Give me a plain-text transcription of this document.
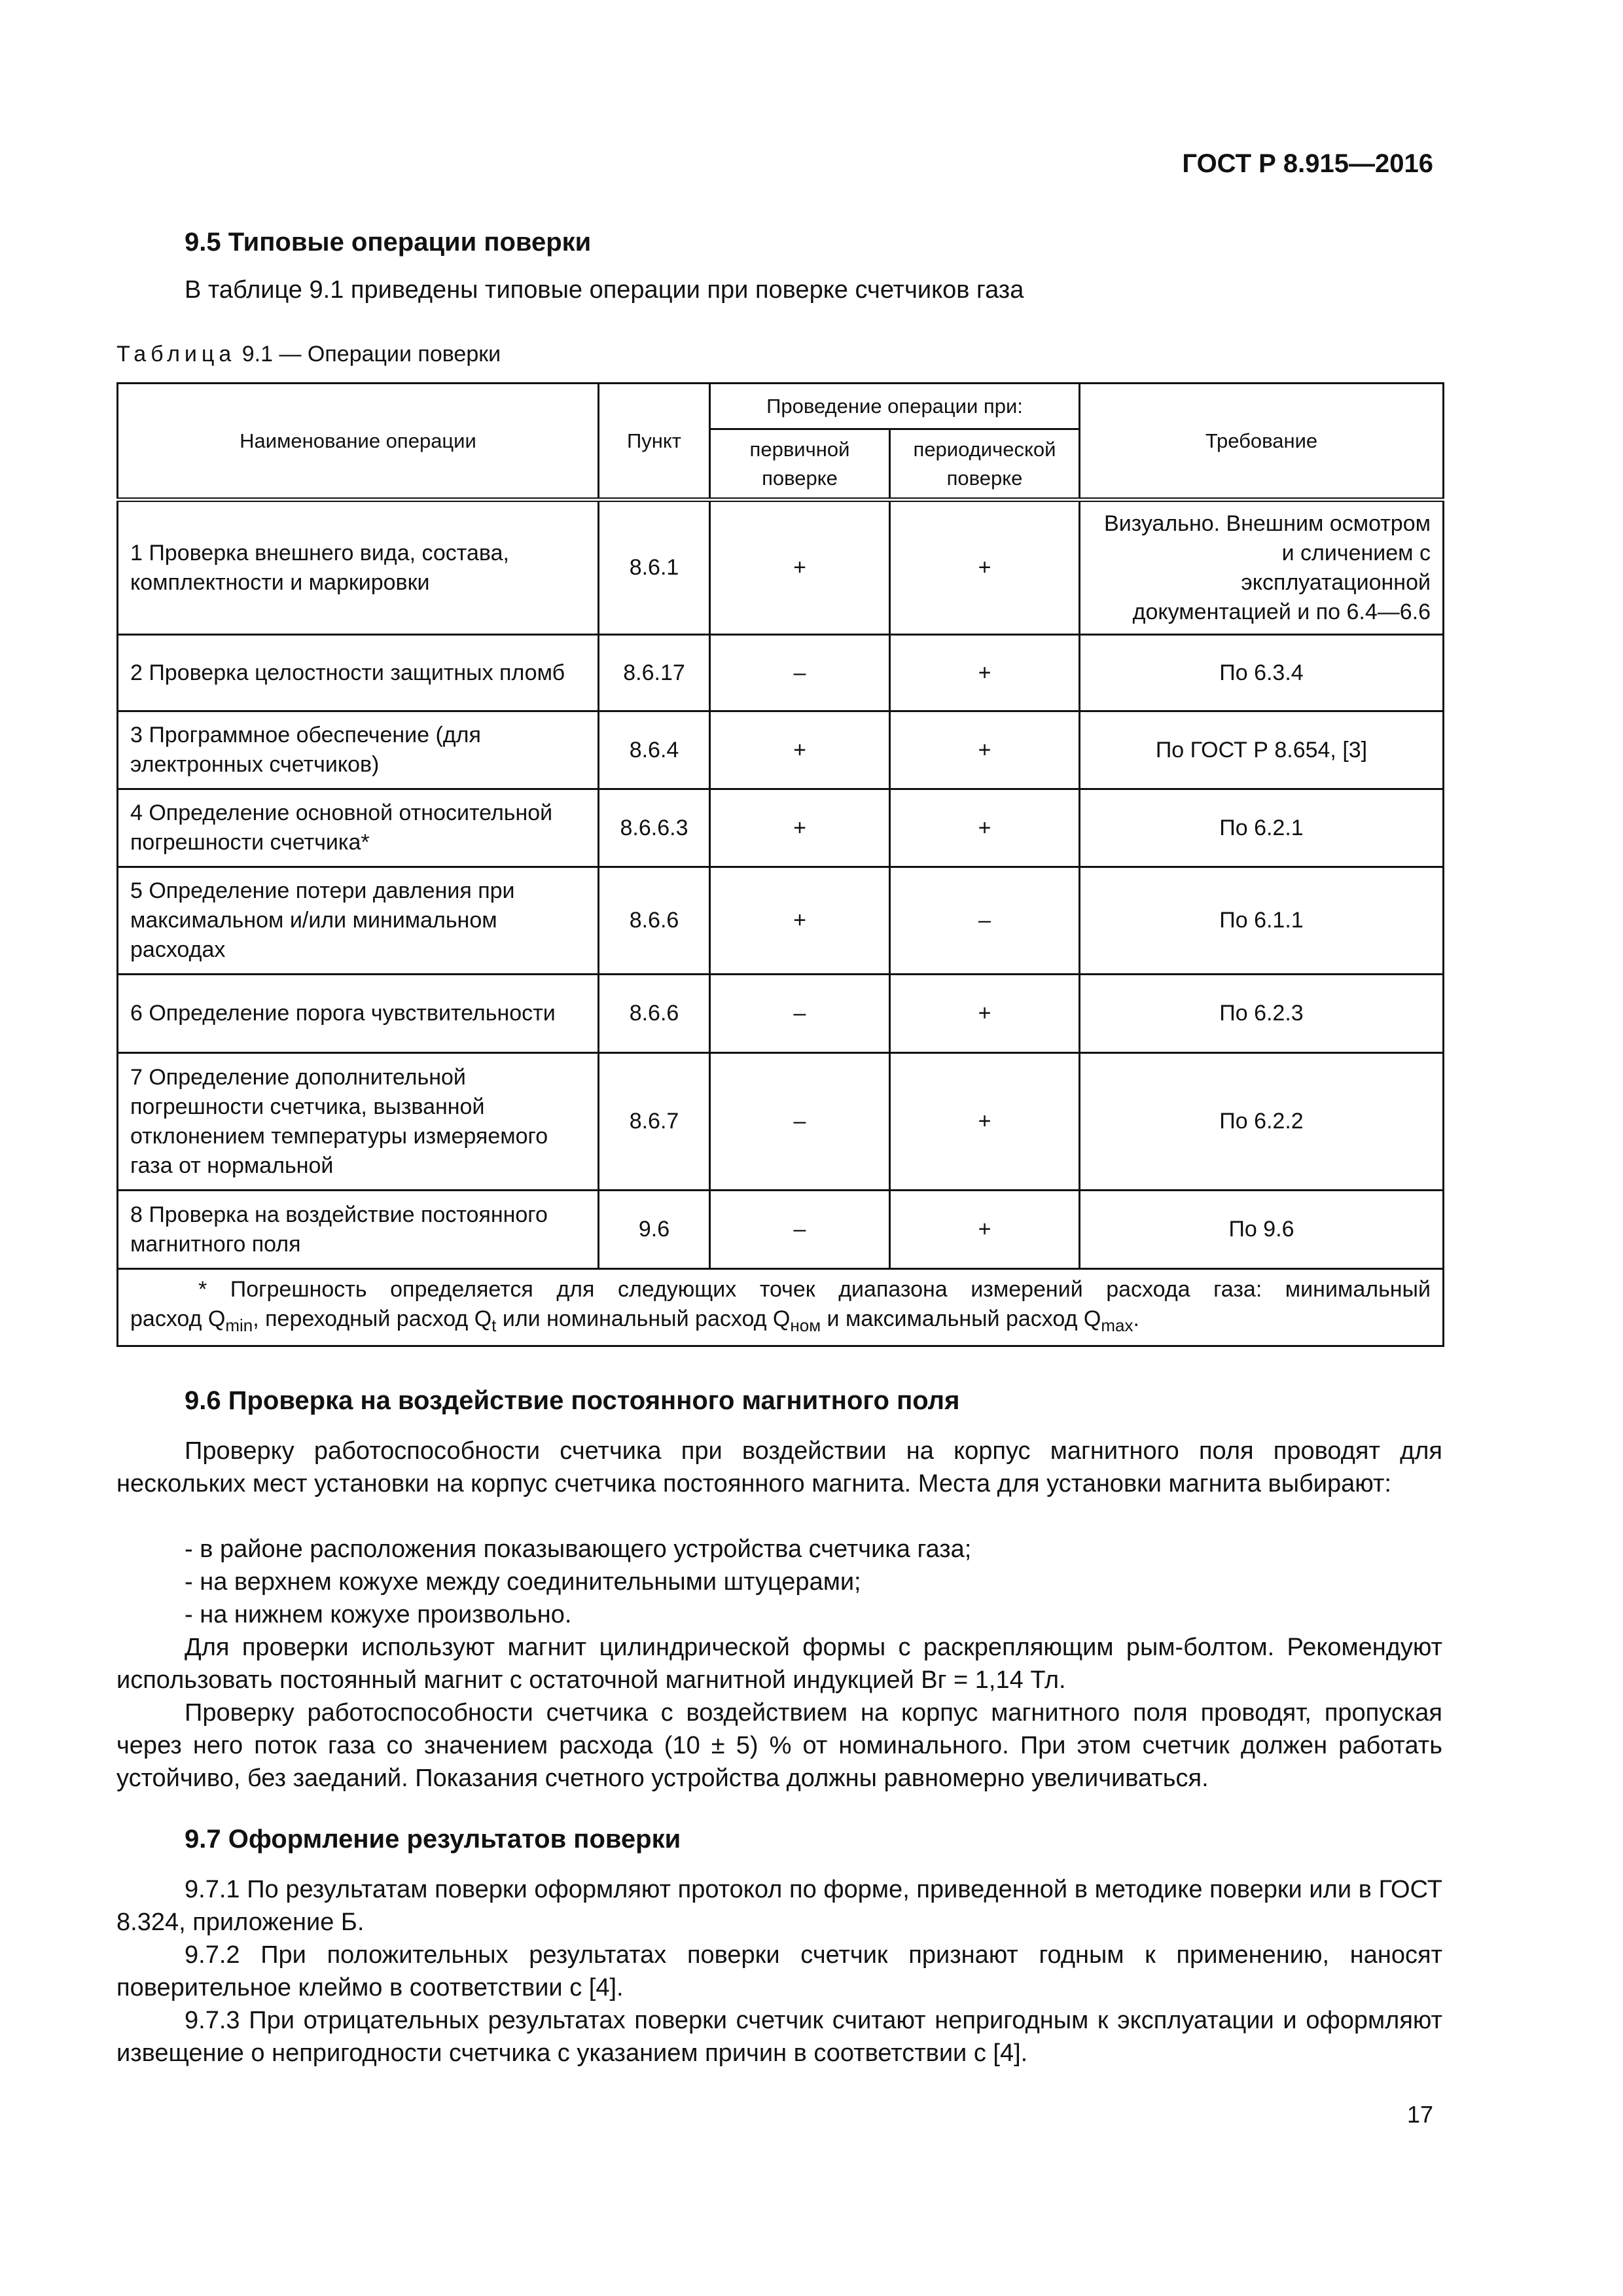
ГОСТ Р 8.915—2016
9.5 Типовые операции поверки
В таблице 9.1 приведены типовые операции при поверке счетчиков газа
Таблица 9.1 — Операции поверки
Наименование операции	Пункт	Проведение операции при:		Требование
		первичной поверке	периодической поверке	
1 Проверка внешнего вида, состава, комплектности и маркировки	8.6.1	+	+	Визуально. Внешним осмотром и сличением с эксплуатационной документацией и по 6.4—6.6
2 Проверка целостности защитных пломб	8.6.17	–	+	По 6.3.4
3 Программное обеспечение (для электронных счетчиков)	8.6.4	+	+	По ГОСТ Р 8.654, [3]
4 Определение основной относительной погрешности счетчика*	8.6.6.3	+	+	По 6.2.1
5 Определение потери давления при максимальном и/или минимальном расходах	8.6.6	+	–	По 6.1.1
6 Определение порога чувствительности	8.6.6	–	+	По 6.2.3
7 Определение дополнительной погрешности счетчика, вызванной отклонением температуры измеряемого газа от нормальной	8.6.7	–	+	По 6.2.2
8 Проверка на воздействие постоянного магнитного поля	9.6	–	+	По 9.6

* Погрешность определяется для следующих точек диапазона измерений расхода газа: минимальный
расход $Q_{min}$, переходный расход $Q_t$ или номинальный расход $Q_{ном}$ и максимальный расход $Q_{max}$.				
9.6 Проверка на воздействие постоянного магнитного поля
Проверку работоспособности счетчика при воздействии на корпус магнитного поля проводят для нескольких мест установки на корпус счетчика постоянного магнита. Места для установки магнита выбирают:
- в районе расположения показывающего устройства счетчика газа;
- на верхнем кожухе между соединительными штуцерами;
- на нижнем кожухе произвольно.
Для проверки используют магнит цилиндрической формы с раскрепляющим рым-болтом. Рекомендуют использовать постоянный магнит с остаточной магнитной индукцией Вг = 1,14 Тл.
Проверку работоспособности счетчика с воздействием на корпус магнитного поля проводят, пропуская через него поток газа со значением расхода (10 ± 5) % от номинального. При этом счетчик должен работать устойчиво, без заеданий. Показания счетного устройства должны равномерно увеличиваться.
9.7 Оформление результатов поверки
9.7.1 По результатам поверки оформляют протокол по форме, приведенной в методике поверки или в ГОСТ 8.324, приложение Б.
9.7.2 При положительных результатах поверки счетчик признают годным к применению, наносят поверительное клеймо в соответствии с [4].
9.7.3 При отрицательных результатах поверки счетчик считают непригодным к эксплуатации и оформляют извещение о непригодности счетчика с указанием причин в соответствии с [4].
17
